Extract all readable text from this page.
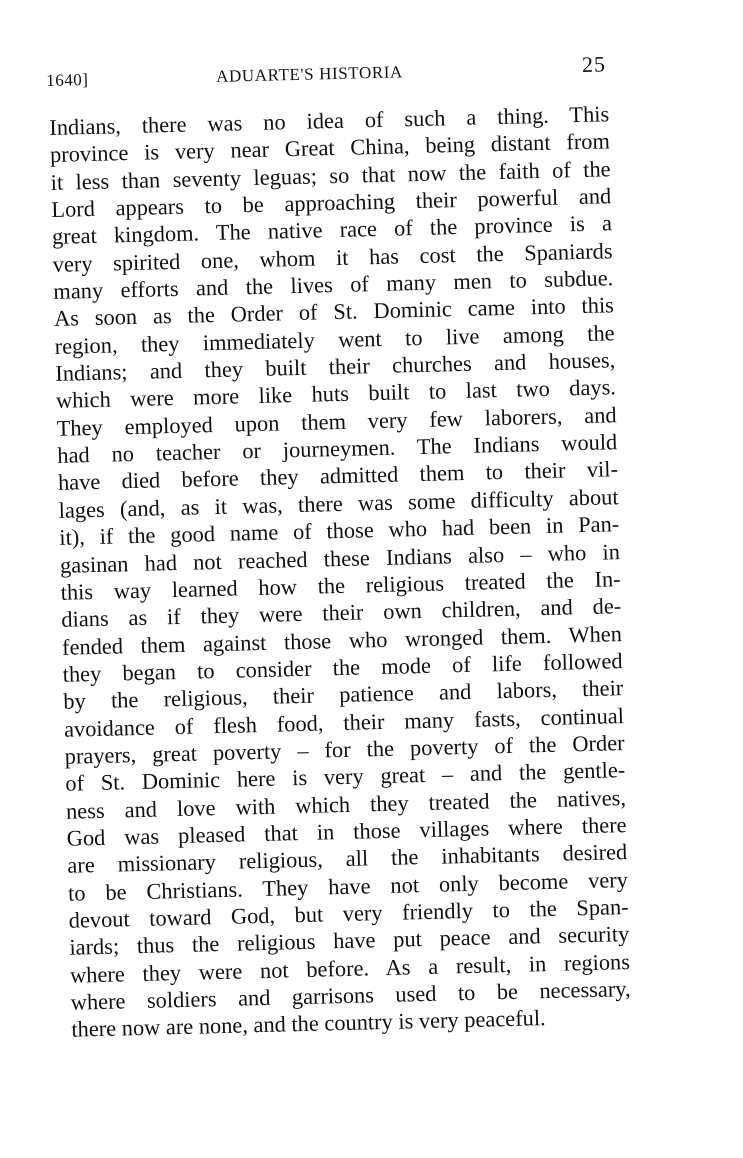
1640]	ADUARTE'S HISTORIA	25
Indians, there was no idea of such a thing. This
province is very near Great China, being distant from
it less than seventy leguas; so that now the faith of the
Lord appears to be approaching their powerful and
great kingdom. The native race of the province is a
very spirited one, whom it has cost the Spaniards
many efforts and the lives of many men to subdue.
As soon as the Order of St. Dominic came into this
region, they immediately went to live among the
Indians; and they built their churches and houses,
which were more like huts built to last two days.
They employed upon them very few laborers, and
had no teacher or journeymen. The Indians would
have died before they admitted them to their vil-
lages (and, as it was, there was some difficulty about
it), if the good name of those who had been in Pan-
gasinan had not reached these Indians also – who in
this way learned how the religious treated the In-
dians as if they were their own children, and de-
fended them against those who wronged them. When
they began to consider the mode of life followed
by the religious, their patience and labors, their
avoidance of flesh food, their many fasts, continual
prayers, great poverty – for the poverty of the Order
of St. Dominic here is very great – and the gentle-
ness and love with which they treated the natives,
God was pleased that in those villages where there
are missionary religious, all the inhabitants desired
to be Christians. They have not only become very
devout toward God, but very friendly to the Span-
iards; thus the religious have put peace and security
where they were not before. As a result, in regions
where soldiers and garrisons used to be necessary,
there now are none, and the country is very peaceful.
